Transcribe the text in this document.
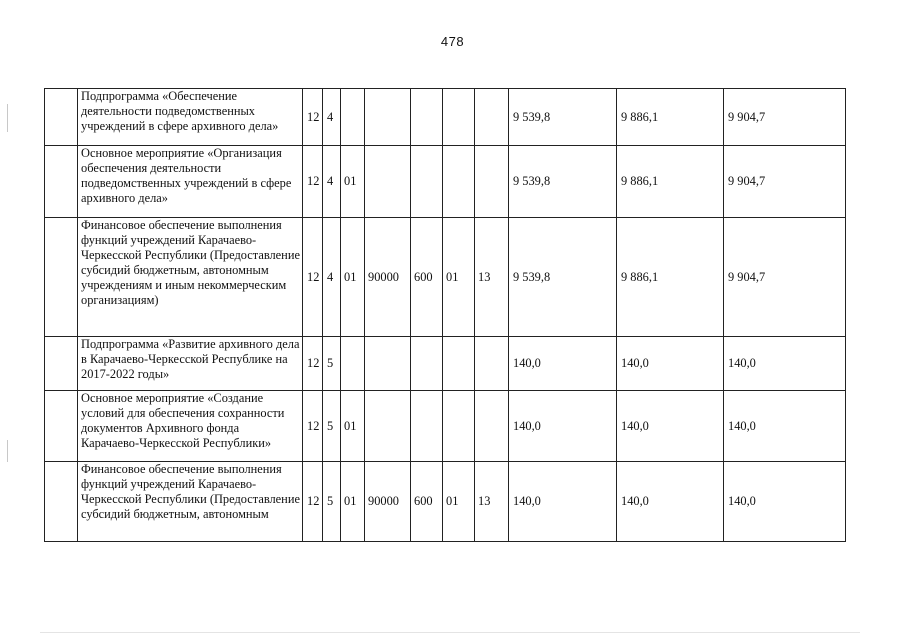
478
	Подпрограмма «Обеспечение деятельности подведомственных учреждений в сфере архивного дела»	12	4						9 539,8	9 886,1	9 904,7
	Основное мероприятие «Организация обеспечения деятельности подведомственных учреждений в сфере архивного дела»	12	4	01					9 539,8	9 886,1	9 904,7
	Финансовое обеспечение выполнения функций учреждений Карачаево-Черкесской Республики (Предоставление субсидий бюджетным, автономным учреждениям и иным некоммерческим организациям)	12	4	01	90000	600	01	13	9 539,8	9 886,1	9 904,7
	Подпрограмма «Развитие архивного дела в Карачаево-Черкесской Республике на 2017-2022 годы»	12	5						140,0	140,0	140,0
	Основное мероприятие «Создание условий для обеспечения сохранности документов Архивного фонда Карачаево-Черкесской Республики»	12	5	01					140,0	140,0	140,0
	Финансовое обеспечение выполнения функций учреждений Карачаево-Черкесской Республики (Предоставление субсидий бюджетным, автономным	12	5	01	90000	600	01	13	140,0	140,0	140,0
